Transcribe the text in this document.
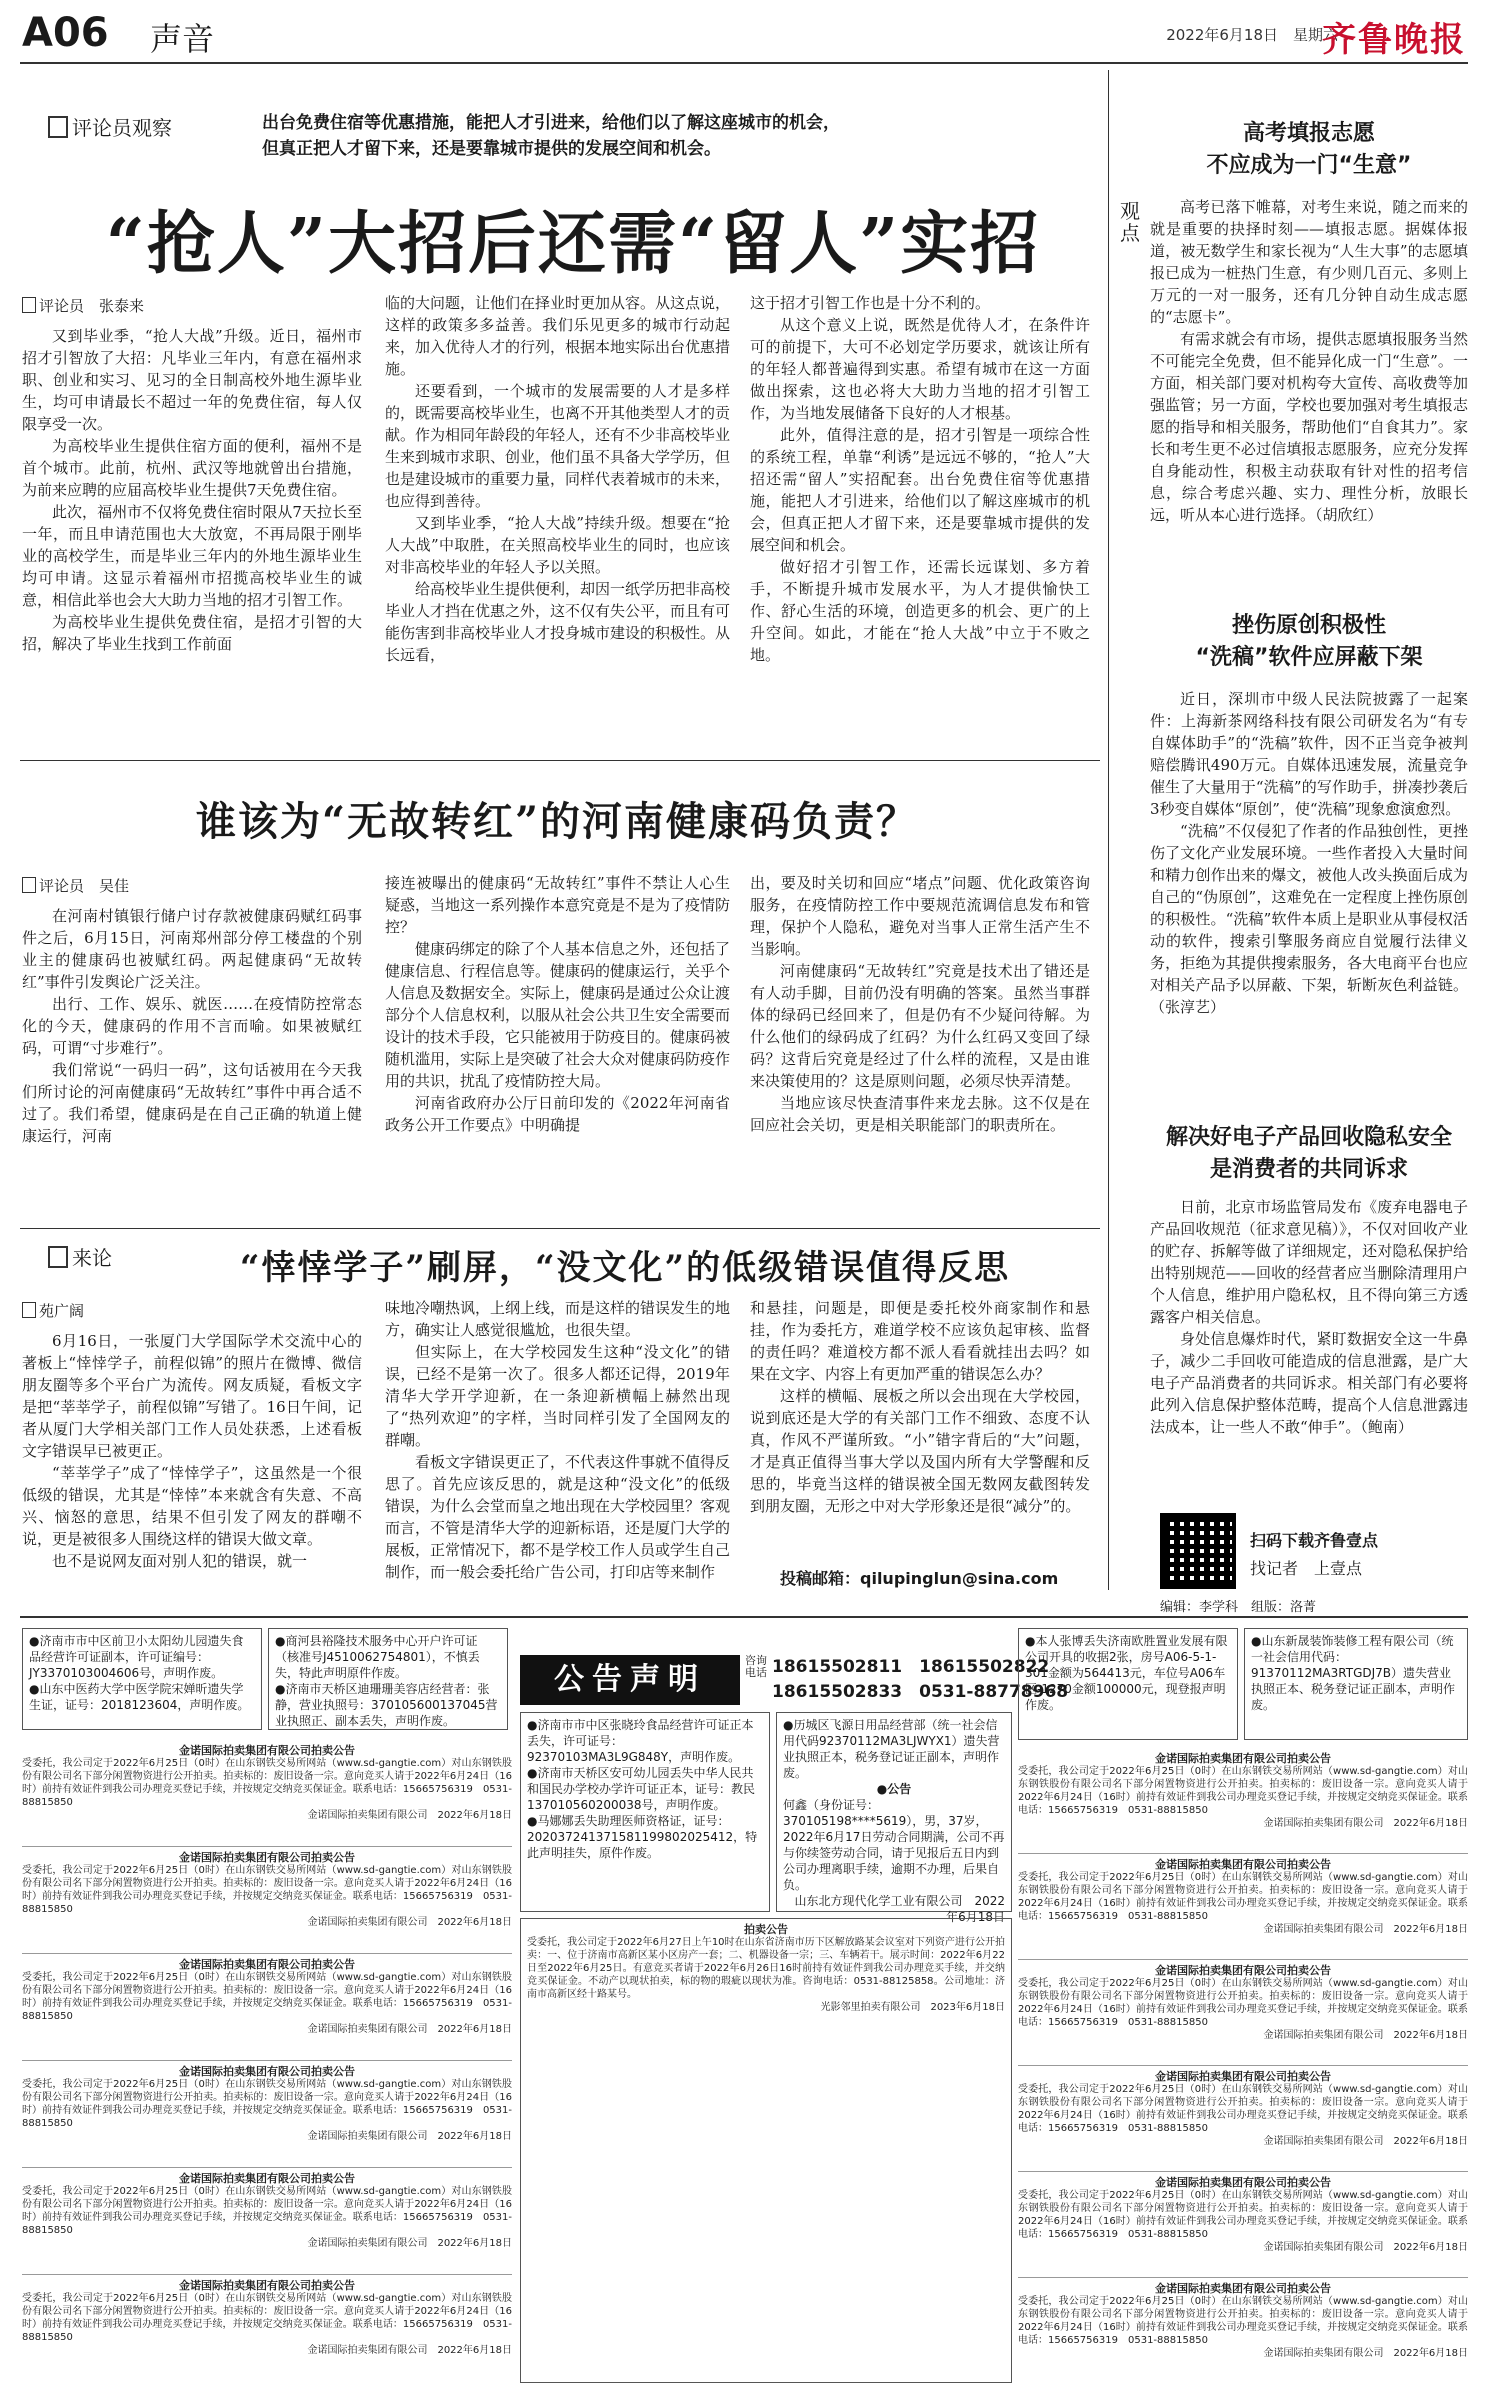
A06 声音	2022年6月18日　星期六
齐鲁晚报
评论员观察	出台免费住宿等优惠措施，能把人才引进来，给他们以了解这座城市的机会，但真正把人才留下来，还是要靠城市提供的发展空间和机会。
“抢人”大招后还需“留人”实招
评论员　张泰来

又到毕业季，“抢人大战”升级。近日，福州市招才引智放了大招：凡毕业三年内，有意在福州求职、创业和实习、见习的全日制高校外地生源毕业生，均可申请最长不超过一年的免费住宿，每人仅限享受一次。

为高校毕业生提供住宿方面的便利，福州不是首个城市。此前，杭州、武汉等地就曾出台措施，为前来应聘的应届高校毕业生提供7天免费住宿。

此次，福州市不仅将免费住宿时限从7天拉长至一年，而且申请范围也大大放宽，不再局限于刚毕业的高校学生，而是毕业三年内的外地生源毕业生均可申请。这显示着福州市招揽高校毕业生的诚意，相信此举也会大大助力当地的招才引智工作。

为高校毕业生提供免费住宿，是招才引智的大招，解决了毕业生找到工作前面

临的大问题，让他们在择业时更加从容。从这点说，这样的政策多多益善。我们乐见更多的城市行动起来，加入优待人才的行列，根据本地实际出台优惠措施。

还要看到，一个城市的发展需要的人才是多样的，既需要高校毕业生，也离不开其他类型人才的贡献。作为相同年龄段的年轻人，还有不少非高校毕业生来到城市求职、创业，他们虽不具备大学学历，但也是建设城市的重要力量，同样代表着城市的未来，也应得到善待。

又到毕业季，“抢人大战”持续升级。想要在“抢人大战”中取胜，在关照高校毕业生的同时，也应该对非高校毕业的年轻人予以关照。

给高校毕业生提供便利，却因一纸学历把非高校毕业人才挡在优惠之外，这不仅有失公平，而且有可能伤害到非高校毕业人才投身城市建设的积极性。从长远看，

这于招才引智工作也是十分不利的。

从这个意义上说，既然是优待人才，在条件许可的前提下，大可不必划定学历要求，就该让所有的年轻人都普遍得到实惠。希望有城市在这一方面做出探索，这也必将大大助力当地的招才引智工作，为当地发展储备下良好的人才根基。

此外，值得注意的是，招才引智是一项综合性的系统工程，单靠“利诱”是远远不够的，“抢人”大招还需“留人”实招配套。出台免费住宿等优惠措施，能把人才引进来，给他们以了解这座城市的机会，但真正把人才留下来，还是要靠城市提供的发展空间和机会。

做好招才引智工作，还需长远谋划、多方着手，不断提升城市发展水平，为人才提供愉快工作、舒心生活的环境，创造更多的机会、更广的上升空间。如此，才能在“抢人大战”中立于不败之地。

谁该为“无故转红”的河南健康码负责？
评论员　吴佳

在河南村镇银行储户讨存款被健康码赋红码事件之后，6月15日，河南郑州部分停工楼盘的个别业主的健康码也被赋红码。两起健康码“无故转红”事件引发舆论广泛关注。

出行、工作、娱乐、就医……在疫情防控常态化的今天，健康码的作用不言而喻。如果被赋红码，可谓“寸步难行”。

我们常说“一码归一码”，这句话被用在今天我们所讨论的河南健康码“无故转红”事件中再合适不过了。我们希望，健康码是在自己正确的轨道上健康运行，河南

接连被曝出的健康码“无故转红”事件不禁让人心生疑惑，当地这一系列操作本意究竟是不是为了疫情防控？

健康码绑定的除了个人基本信息之外，还包括了健康信息、行程信息等。健康码的健康运行，关乎个人信息及数据安全。实际上，健康码是通过公众让渡部分个人信息权利，以服从社会公共卫生安全需要而设计的技术手段，它只能被用于防疫目的。健康码被随机滥用，实际上是突破了社会大众对健康码防疫作用的共识，扰乱了疫情防控大局。

河南省政府办公厅日前印发的《2022年河南省政务公开工作要点》中明确提

出，要及时关切和回应“堵点”问题、优化政策咨询服务，在疫情防控工作中要规范流调信息发布和管理，保护个人隐私，避免对当事人正常生活产生不当影响。

河南健康码“无故转红”究竟是技术出了错还是有人动手脚，目前仍没有明确的答案。虽然当事群体的绿码已经回来了，但是仍有不少疑问待解。为什么他们的绿码成了红码？为什么红码又变回了绿码？这背后究竟是经过了什么样的流程，又是由谁来决策使用的？这是原则问题，必须尽快弄清楚。

当地应该尽快查清事件来龙去脉。这不仅是在回应社会关切，更是相关职能部门的职责所在。

来论	“悻悻学子”刷屏，“没文化”的低级错误值得反思
苑广阔

6月16日，一张厦门大学国际学术交流中心的著板上“悻悻学子，前程似锦”的照片在微博、微信朋友圈等多个平台广为流传。网友质疑，看板文字是把“莘莘学子，前程似锦”写错了。16日午间，记者从厦门大学相关部门工作人员处获悉，上述看板文字错误早已被更正。

“莘莘学子”成了“悻悻学子”，这虽然是一个很低级的错误，尤其是“悻悻”本来就含有失意、不高兴、恼怒的意思，结果不但引发了网友的群嘲不说，更是被很多人围绕这样的错误大做文章。

也不是说网友面对别人犯的错误，就一

味地冷嘲热讽，上纲上线，而是这样的错误发生的地方，确实让人感觉很尴尬，也很失望。

但实际上，在大学校园发生这种“没文化”的错误，已经不是第一次了。很多人都还记得，2019年清华大学开学迎新，在一条迎新横幅上赫然出现了“热列欢迎”的字样，当时同样引发了全国网友的群嘲。

看板文字错误更正了，不代表这件事就不值得反思了。首先应该反思的，就是这种“没文化”的低级错误，为什么会堂而皇之地出现在大学校园里？客观而言，不管是清华大学的迎新标语，还是厦门大学的展板，正常情况下，都不是学校工作人员或学生自己制作，而一般会委托给广告公司，打印店等来制作

和悬挂，问题是，即便是委托校外商家制作和悬挂，作为委托方，难道学校不应该负起审核、监督的责任吗？难道校方都不派人看看就挂出去吗？如果在文字、内容上有更加严重的错误怎么办？

这样的横幅、展板之所以会出现在大学校园，说到底还是大学的有关部门工作不细致、态度不认真，作风不严谨所致。“小”错字背后的“大”问题，才是真正值得当事大学以及国内所有大学警醒和反思的，毕竟当这样的错误被全国无数网友截图转发到朋友圈，无形之中对大学形象还是很“减分”的。

投稿邮箱：qilupinglun@sina.com
观点
高考填报志愿
不应成为一门“生意”
高考已落下帷幕，对考生来说，随之而来的就是重要的抉择时刻——填报志愿。据媒体报道，被无数学生和家长视为“人生大事”的志愿填报已成为一桩热门生意，有少则几百元、多则上万元的一对一服务，还有几分钟自动生成志愿的“志愿卡”。
有需求就会有市场，提供志愿填报服务当然不可能完全免费，但不能异化成一门“生意”。一方面，相关部门要对机构夸大宣传、高收费等加强监管；另一方面，学校也要加强对考生填报志愿的指导和相关服务，帮助他们“自食其力”。家长和考生更不必过信填报志愿服务，应充分发挥自身能动性，积极主动获取有针对性的招考信息，综合考虑兴趣、实力、理性分析，放眼长远，听从本心进行选择。（胡欣红）
挫伤原创积极性
“洗稿”软件应屏蔽下架
近日，深圳市中级人民法院披露了一起案件：上海新茶网络科技有限公司研发名为“有专自媒体助手”的“洗稿”软件，因不正当竞争被判赔偿腾讯490万元。自媒体迅速发展，流量竞争催生了大量用于“洗稿”的写作助手，拼凑抄袭后3秒变自媒体“原创”，使“洗稿”现象愈演愈烈。
“洗稿”不仅侵犯了作者的作品独创性，更挫伤了文化产业发展环境。一些作者投入大量时间和精力创作出来的爆文，被他人改头换面后成为自己的“伪原创”，这难免在一定程度上挫伤原创的积极性。“洗稿”软件本质上是职业从事侵权活动的软件，搜索引擎服务商应自觉履行法律义务，拒绝为其提供搜索服务，各大电商平台也应对相关产品予以屏蔽、下架，斩断灰色利益链。（张淳艺）
解决好电子产品回收隐私安全
是消费者的共同诉求
日前，北京市场监管局发布《废弃电器电子产品回收规范（征求意见稿）》，不仅对回收产业的贮存、拆解等做了详细规定，还对隐私保护给出特别规范——回收的经营者应当删除清理用户个人信息，维护用户隐私权，且不得向第三方透露客户相关信息。
身处信息爆炸时代，紧盯数据安全这一牛鼻子，减少二手回收可能造成的信息泄露，是广大电子产品消费者的共同诉求。相关部门有必要将此列入信息保护整体范畴，提高个人信息泄露违法成本，让一些人不敢“伸手”。（鲍南）
扫码下载齐鲁壹点
找记者　上壹点
编辑：李学科　组版：洛菁
●济南市市中区前卫小太阳幼儿园遗失食品经营许可证副本，许可证编号：JY3370103004606号，声明作废。
●山东中医药大学中医学院宋婵昕遗失学生证，证号：2018123604，声明作废。
●商河县裕隆技术服务中心开户许可证（核准号J4510062754801），不慎丢失，特此声明原件作废。
●济南市天桥区迪珊珊美容店经营者：张静，营业执照号：370105600137045营业执照正、副本丢失，声明作废。
公告声明
咨询电话 18615502811　18615502822
18615502833　0531-88778968
●本人张博丢失济南欧胜置业发展有限公司开具的收据2张，房号A06-5-1-301金额为564413元，车位号A06车区-1270金额100000元，现登报声明作废。
●山东新晟装饰装修工程有限公司（统一社会信用代码：91370112MA3RTGDJ7B）遗失营业执照正本、税务登记证正副本，声明作废。
●济南市市中区张晓玲食品经营许可证正本丢失，许可证号：92370103MA3L9G848Y，声明作废。
●济南市天桥区安可幼儿园丢失中华人民共和国民办学校办学许可证正本，证号：教民137010560200038号，声明作废。
●马娜娜丢失助理医师资格证，证号：202037241371581199802025412，特此声明挂失，原件作废。
●历城区飞源日用品经营部（统一社会信用代码92370112MA3LJWYX1）遗失营业执照正本，税务登记证正副本，声明作废。
●公告
何鑫（身份证号：370105198****5619），男，37岁，2022年6月17日劳动合同期满，公司不再与你续签劳动合同，请于见报后五日内到公司办理离职手续，逾期不办理，后果自负。
山东北方现代化学工业有限公司　2022年6月18日
拍卖公告
受委托，我公司定于2022年6月27日上午10时在山东省济南市历下区解放路某会议室对下列资产进行公开拍卖：一、位于济南市高新区某小区房产一套；二、机器设备一宗；三、车辆若干。展示时间：2022年6月22日至2022年6月25日。有意竞买者请于2022年6月26日16时前持有效证件到我公司办理竞买手续，并交纳竞买保证金。不动产以现状拍卖，标的物的瑕疵以现状为准。咨询电话：0531-88125858。公司地址：济南市高新区经十路某号。
光影邻里拍卖有限公司　2023年6月18日
金诺国际拍卖集团有限公司拍卖公告
受委托，我公司定于2022年6月25日（0时）在山东钢铁交易所网站（www.sd-gangtie.com）对山东钢铁股份有限公司名下部分闲置物资进行公开拍卖。拍卖标的：废旧设备一宗。意向竞买人请于2022年6月24日（16时）前持有效证件到我公司办理竞买登记手续，并按规定交纳竞买保证金。联系电话：15665756319　0531-88815850
金诺国际拍卖集团有限公司　2022年6月18日
金诺国际拍卖集团有限公司拍卖公告
受委托，我公司定于2022年6月25日（0时）在山东钢铁交易所网站（www.sd-gangtie.com）对山东钢铁股份有限公司名下部分闲置物资进行公开拍卖。拍卖标的：废旧设备一宗。意向竞买人请于2022年6月24日（16时）前持有效证件到我公司办理竞买登记手续，并按规定交纳竞买保证金。联系电话：15665756319　0531-88815850
金诺国际拍卖集团有限公司　2022年6月18日
金诺国际拍卖集团有限公司拍卖公告
受委托，我公司定于2022年6月25日（0时）在山东钢铁交易所网站（www.sd-gangtie.com）对山东钢铁股份有限公司名下部分闲置物资进行公开拍卖。拍卖标的：废旧设备一宗。意向竞买人请于2022年6月24日（16时）前持有效证件到我公司办理竞买登记手续，并按规定交纳竞买保证金。联系电话：15665756319　0531-88815850
金诺国际拍卖集团有限公司　2022年6月18日
金诺国际拍卖集团有限公司拍卖公告
受委托，我公司定于2022年6月25日（0时）在山东钢铁交易所网站（www.sd-gangtie.com）对山东钢铁股份有限公司名下部分闲置物资进行公开拍卖。拍卖标的：废旧设备一宗。意向竞买人请于2022年6月24日（16时）前持有效证件到我公司办理竞买登记手续，并按规定交纳竞买保证金。联系电话：15665756319　0531-88815850
金诺国际拍卖集团有限公司　2022年6月18日
金诺国际拍卖集团有限公司拍卖公告
受委托，我公司定于2022年6月25日（0时）在山东钢铁交易所网站（www.sd-gangtie.com）对山东钢铁股份有限公司名下部分闲置物资进行公开拍卖。拍卖标的：废旧设备一宗。意向竞买人请于2022年6月24日（16时）前持有效证件到我公司办理竞买登记手续，并按规定交纳竞买保证金。联系电话：15665756319　0531-88815850
金诺国际拍卖集团有限公司　2022年6月18日
金诺国际拍卖集团有限公司拍卖公告
受委托，我公司定于2022年6月25日（0时）在山东钢铁交易所网站（www.sd-gangtie.com）对山东钢铁股份有限公司名下部分闲置物资进行公开拍卖。拍卖标的：废旧设备一宗。意向竞买人请于2022年6月24日（16时）前持有效证件到我公司办理竞买登记手续，并按规定交纳竞买保证金。联系电话：15665756319　0531-88815850
金诺国际拍卖集团有限公司　2022年6月18日
金诺国际拍卖集团有限公司拍卖公告
受委托，我公司定于2022年6月25日（0时）在山东钢铁交易所网站（www.sd-gangtie.com）对山东钢铁股份有限公司名下部分闲置物资进行公开拍卖。拍卖标的：废旧设备一宗。意向竞买人请于2022年6月24日（16时）前持有效证件到我公司办理竞买登记手续，并按规定交纳竞买保证金。联系电话：15665756319　0531-88815850
金诺国际拍卖集团有限公司　2022年6月18日
金诺国际拍卖集团有限公司拍卖公告
受委托，我公司定于2022年6月25日（0时）在山东钢铁交易所网站（www.sd-gangtie.com）对山东钢铁股份有限公司名下部分闲置物资进行公开拍卖。拍卖标的：废旧设备一宗。意向竞买人请于2022年6月24日（16时）前持有效证件到我公司办理竞买登记手续，并按规定交纳竞买保证金。联系电话：15665756319　0531-88815850
金诺国际拍卖集团有限公司　2022年6月18日
金诺国际拍卖集团有限公司拍卖公告
受委托，我公司定于2022年6月25日（0时）在山东钢铁交易所网站（www.sd-gangtie.com）对山东钢铁股份有限公司名下部分闲置物资进行公开拍卖。拍卖标的：废旧设备一宗。意向竞买人请于2022年6月24日（16时）前持有效证件到我公司办理竞买登记手续，并按规定交纳竞买保证金。联系电话：15665756319　0531-88815850
金诺国际拍卖集团有限公司　2022年6月18日
金诺国际拍卖集团有限公司拍卖公告
受委托，我公司定于2022年6月25日（0时）在山东钢铁交易所网站（www.sd-gangtie.com）对山东钢铁股份有限公司名下部分闲置物资进行公开拍卖。拍卖标的：废旧设备一宗。意向竞买人请于2022年6月24日（16时）前持有效证件到我公司办理竞买登记手续，并按规定交纳竞买保证金。联系电话：15665756319　0531-88815850
金诺国际拍卖集团有限公司　2022年6月18日
金诺国际拍卖集团有限公司拍卖公告
受委托，我公司定于2022年6月25日（0时）在山东钢铁交易所网站（www.sd-gangtie.com）对山东钢铁股份有限公司名下部分闲置物资进行公开拍卖。拍卖标的：废旧设备一宗。意向竞买人请于2022年6月24日（16时）前持有效证件到我公司办理竞买登记手续，并按规定交纳竞买保证金。联系电话：15665756319　0531-88815850
金诺国际拍卖集团有限公司　2022年6月18日
金诺国际拍卖集团有限公司拍卖公告
受委托，我公司定于2022年6月25日（0时）在山东钢铁交易所网站（www.sd-gangtie.com）对山东钢铁股份有限公司名下部分闲置物资进行公开拍卖。拍卖标的：废旧设备一宗。意向竞买人请于2022年6月24日（16时）前持有效证件到我公司办理竞买登记手续，并按规定交纳竞买保证金。联系电话：15665756319　0531-88815850
金诺国际拍卖集团有限公司　2022年6月18日
